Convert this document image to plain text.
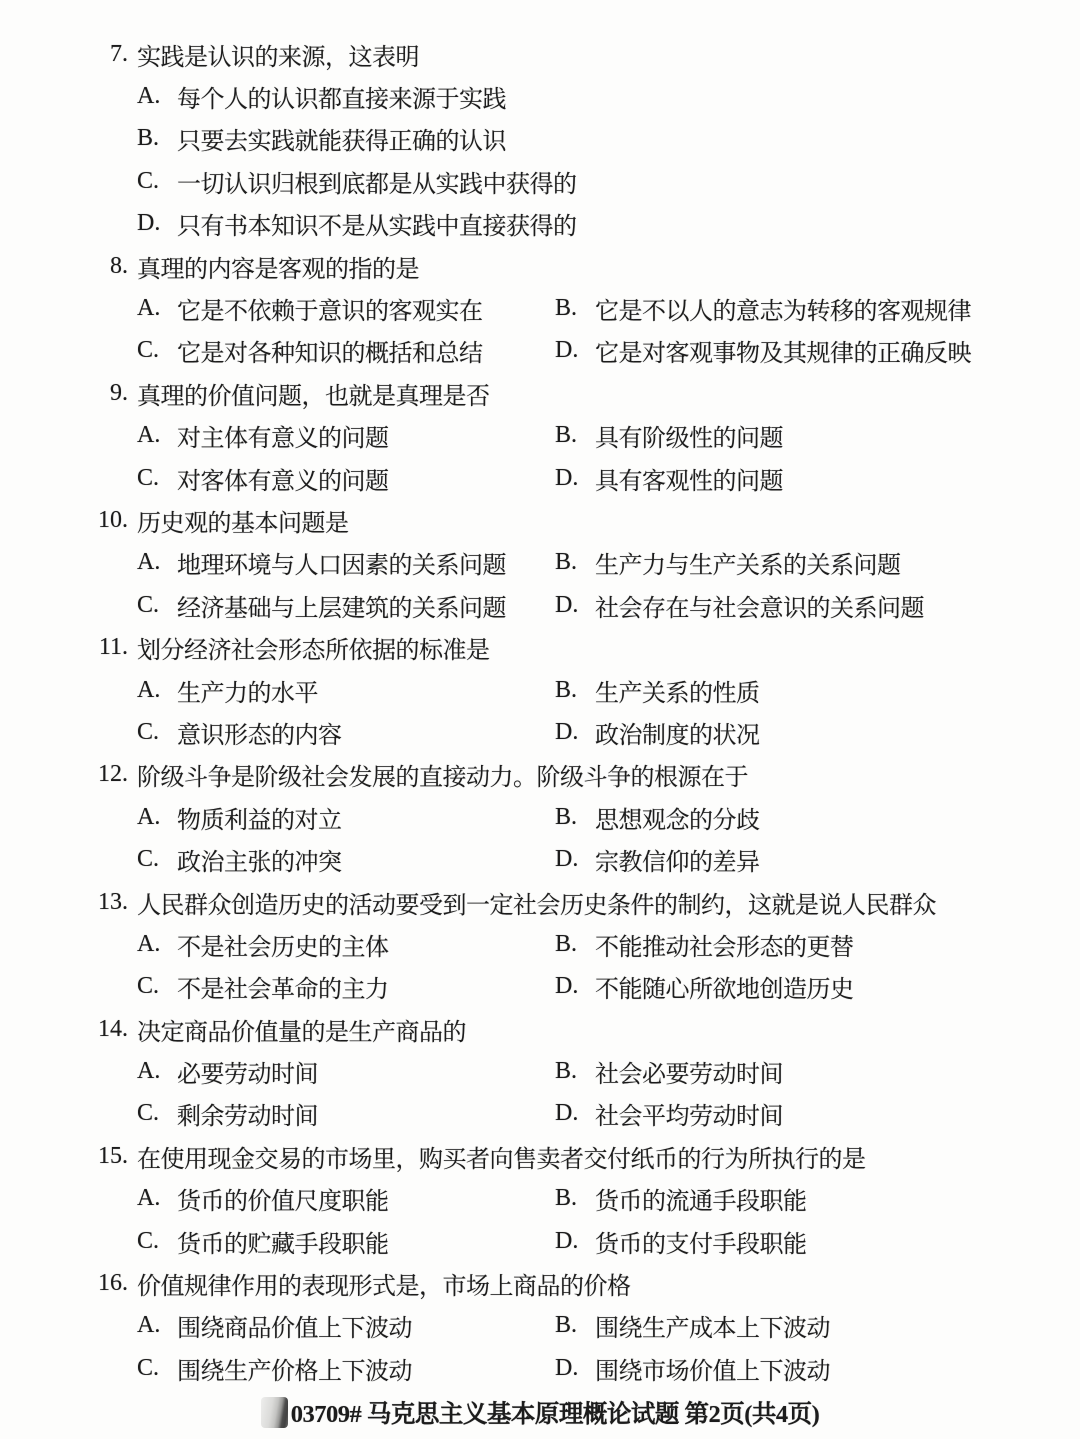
7. 实践是认识的来源，这表明
A. 每个人的认识都直接来源于实践
B. 只要去实践就能获得正确的认识
C. 一切认识归根到底都是从实践中获得的
D. 只有书本知识不是从实践中直接获得的
8. 真理的内容是客观的指的是
A. 它是不依赖于意识的客观实在	B. 它是不以人的意志为转移的客观规律
C. 它是对各种知识的概括和总结	D. 它是对客观事物及其规律的正确反映
9. 真理的价值问题，也就是真理是否
A. 对主体有意义的问题	B. 具有阶级性的问题
C. 对客体有意义的问题	D. 具有客观性的问题
10. 历史观的基本问题是
A. 地理环境与人口因素的关系问题 B. 生产力与生产关系的关系问题
C. 经济基础与上层建筑的关系问题 D. 社会存在与社会意识的关系问题
11. 划分经济社会形态所依据的标准是
A. 生产力的水平	B. 生产关系的性质
C. 意识形态的内容	D. 政治制度的状况
12. 阶级斗争是阶级社会发展的直接动力。阶级斗争的根源在于
A. 物质利益的对立	B. 思想观念的分歧
C. 政治主张的冲突	D. 宗教信仰的差异
13. 人民群众创造历史的活动要受到一定社会历史条件的制约，这就是说人民群众
A. 不是社会历史的主体	B. 不能推动社会形态的更替
C. 不是社会革命的主力	D. 不能随心所欲地创造历史
14. 决定商品价值量的是生产商品的
A. 必要劳动时间	B. 社会必要劳动时间
C. 剩余劳动时间	D. 社会平均劳动时间
15. 在使用现金交易的市场里，购买者向售卖者交付纸币的行为所执行的是
A. 货币的价值尺度职能	B. 货币的流通手段职能
C. 货币的贮藏手段职能	D. 货币的支付手段职能
16. 价值规律作用的表现形式是，市场上商品的价格
A. 围绕商品价值上下波动	B. 围绕生产成本上下波动
C. 围绕生产价格上下波动	D. 围绕市场价值上下波动
03709# 马克思主义基本原理概论试题 第2页(共4页)
